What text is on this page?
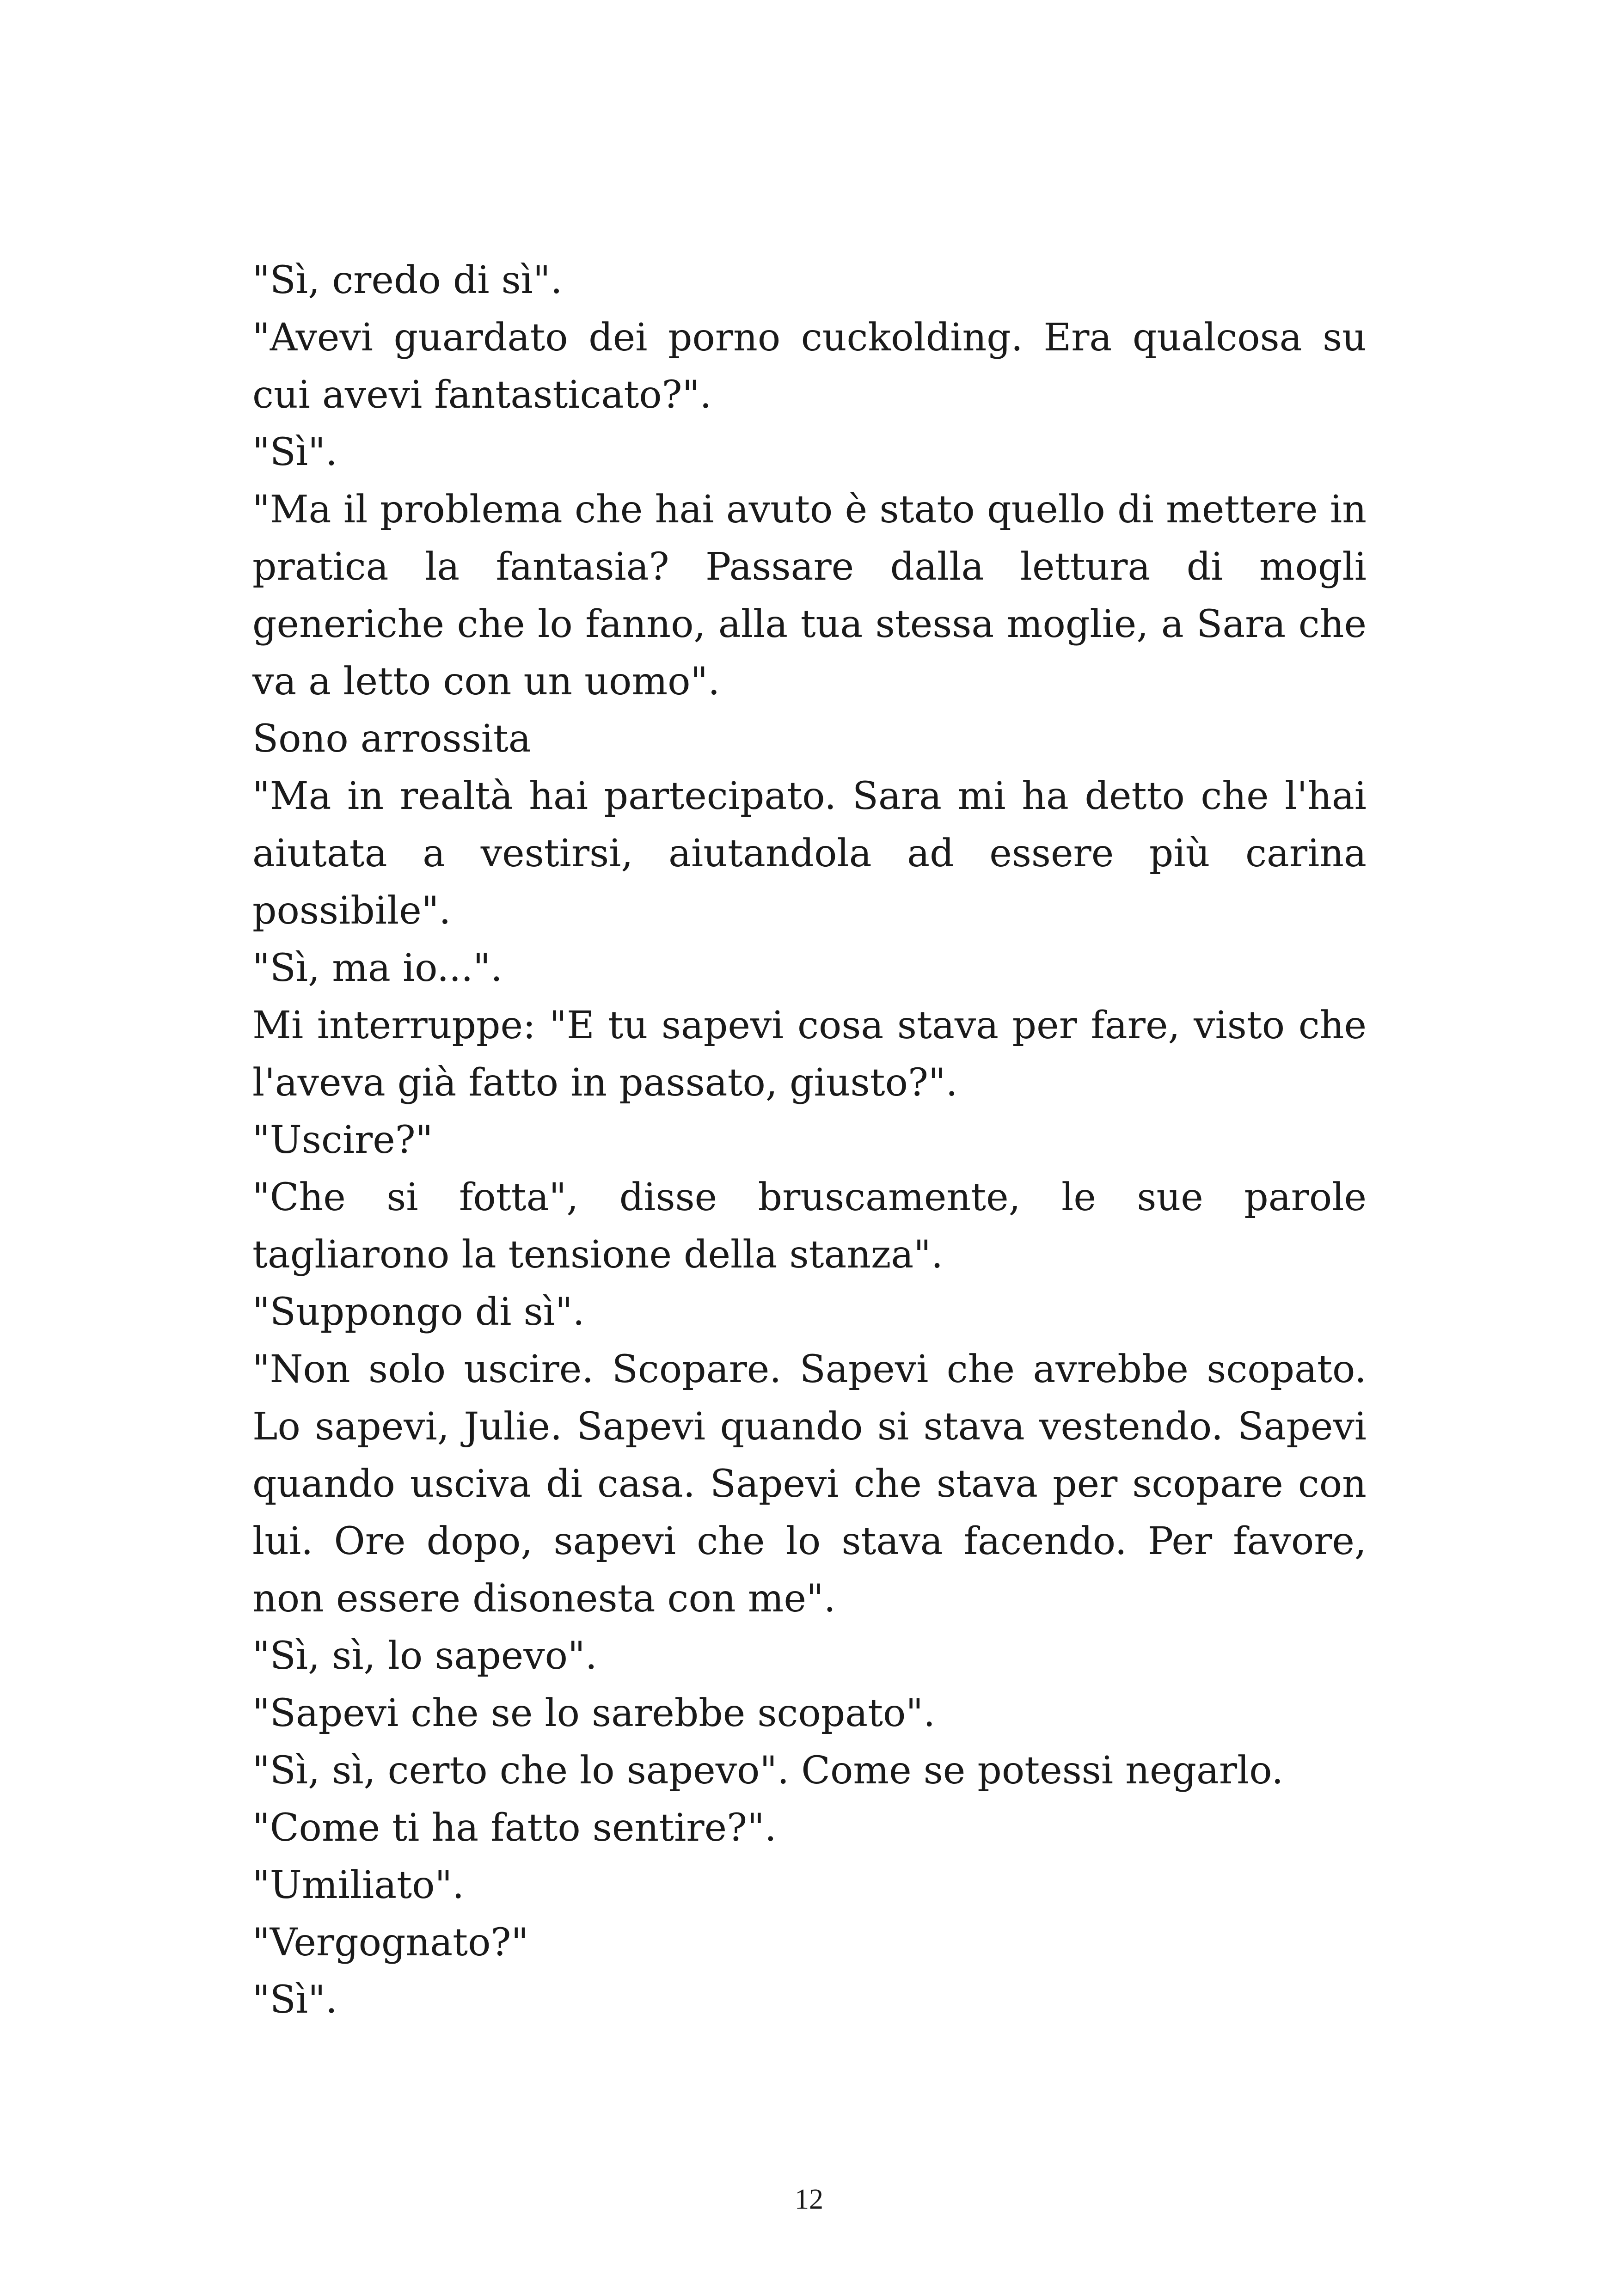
"Sì, credo di sì".

"Avevi guardato dei porno cuckolding. Era qualcosa su cui avevi fantasticato?".

"Sì".

"Ma il problema che hai avuto è stato quello di mettere in pratica la fantasia? Passare dalla lettura di mogli generiche che lo fanno, alla tua stessa moglie, a Sara che va a letto con un uomo".

Sono arrossita

"Ma in realtà hai partecipato. Sara mi ha detto che l'hai aiutata a vestirsi, aiutandola ad essere più carina possibile".

"Sì, ma io...".

Mi interruppe: "E tu sapevi cosa stava per fare, visto che l'aveva già fatto in passato, giusto?".

"Uscire?"

"Che si fotta", disse bruscamente, le sue parole tagliarono la tensione della stanza".

"Suppongo di sì".

"Non solo uscire. Scopare. Sapevi che avrebbe scopato. Lo sapevi, Julie. Sapevi quando si stava vestendo. Sapevi quando usciva di casa. Sapevi che stava per scopare con lui. Ore dopo, sapevi che lo stava facendo. Per favore, non essere disonesta con me".

"Sì, sì, lo sapevo".

"Sapevi che se lo sarebbe scopato".

"Sì, sì, certo che lo sapevo". Come se potessi negarlo.

"Come ti ha fatto sentire?".

"Umiliato".

"Vergognato?"

"Sì".

12
